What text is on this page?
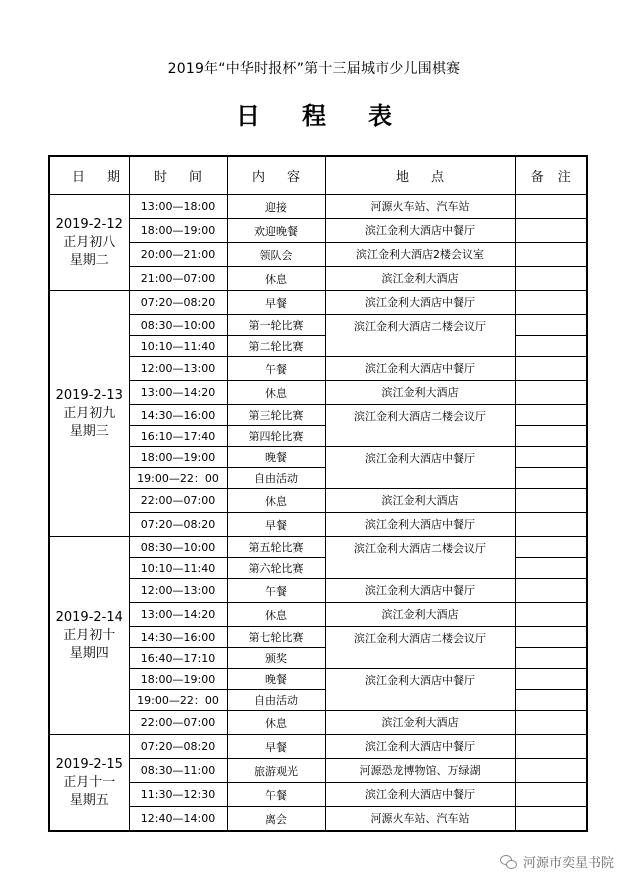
2019年“中华时报杯”第十三届城市少儿围棋赛
日程表
日期	时间	内容	地点	备注

2019-2-12
正月初八
星期二	13:00—18:00	迎接	河源火车站、汽车站	
	18:00—19:00	欢迎晚餐	滨江金利大酒店中餐厅	
	20:00—21:00	领队会	滨江金利大酒店2楼会议室	
	21:00—07:00	休息	滨江金利大酒店	

2019-2-13
正月初九
星期三	07:20—08:20	早餐	滨江金利大酒店中餐厅	
	08:30—10:00	第一轮比赛	滨江金利大酒店二楼会议厅	
	10:10—11:40	第二轮比赛		
	12:00—13:00	午餐	滨江金利大酒店中餐厅	
	13:00—14:20	休息	滨江金利大酒店	
	14:30—16:00	第三轮比赛	滨江金利大酒店二楼会议厅	
	16:10—17:40	第四轮比赛		
	18:00—19:00	晚餐	滨江金利大酒店中餐厅	
	19:00—22：00	自由活动		
	22:00—07:00	休息	滨江金利大酒店	
	07:20—08:20	早餐	滨江金利大酒店中餐厅	

2019-2-14
正月初十
星期四	08:30—10:00	第五轮比赛	滨江金利大酒店二楼会议厅	
	10:10—11:40	第六轮比赛		
	12:00—13:00	午餐	滨江金利大酒店中餐厅	
	13:00—14:20	休息	滨江金利大酒店	
	14:30—16:00	第七轮比赛	滨江金利大酒店二楼会议厅	
	16:40—17:10	颁奖		
	18:00—19:00	晚餐	滨江金利大酒店中餐厅	
	19:00—22：00	自由活动		
	22:00—07:00	休息	滨江金利大酒店	

2019-2-15
正月十一
星期五	07:20—08:20	早餐	滨江金利大酒店中餐厅	
	08:30—11:00	旅游观光	河源恐龙博物馆、万绿湖	
	11:30—12:30	午餐	滨江金利大酒店中餐厅	
	12:40—14:00	离会	河源火车站、汽车站	
河源市奕星书院
